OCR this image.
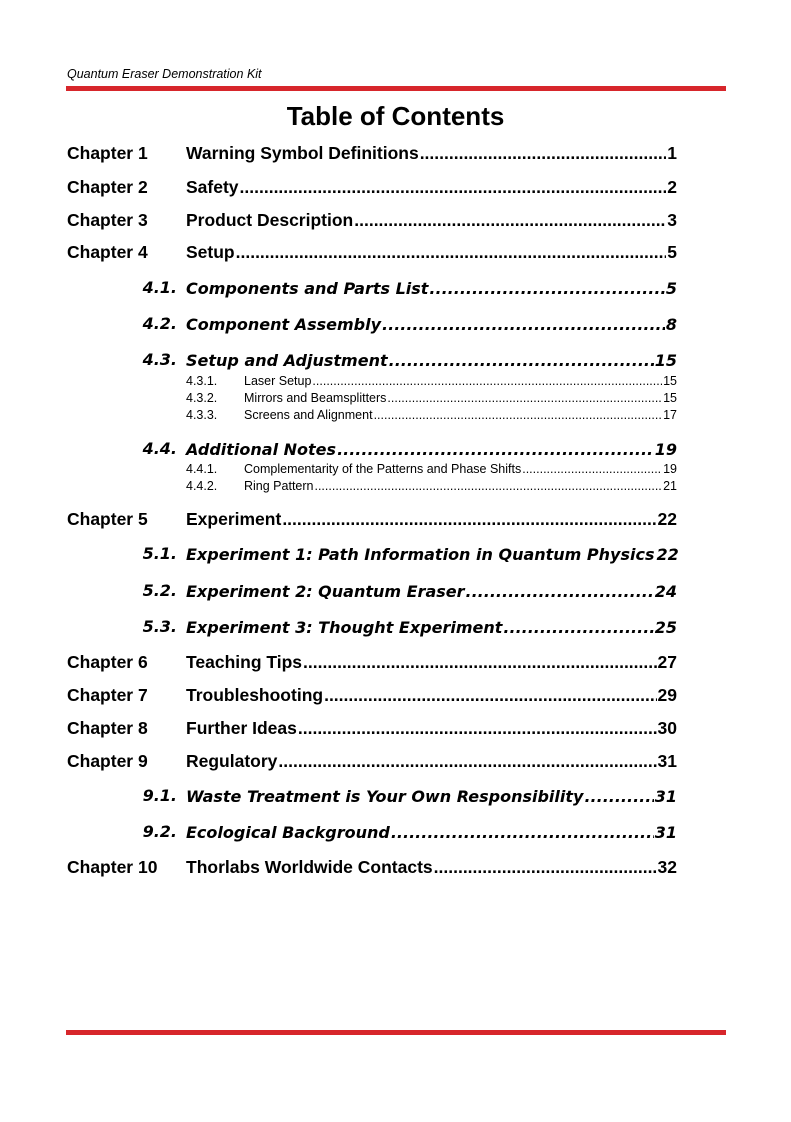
Quantum Eraser Demonstration Kit
Table of Contents
Chapter 1	Warning Symbol Definitions .....	1
Chapter 2	Safety .....	2
Chapter 3	Product Description .....	3
Chapter 4	Setup .....	5
4.1. Components and Parts List .....	5
4.2. Component Assembly .....	8
4.3. Setup and Adjustment .....	15
4.3.1.	Laser Setup .....	15
4.3.2.	Mirrors and Beamsplitters .....	15
4.3.3.	Screens and Alignment .....	17
4.4. Additional Notes .....	19
4.4.1.	Complementarity of the Patterns and Phase Shifts .....	19
4.4.2.	Ring Pattern .....	21
Chapter 5	Experiment .....	22
5.1. Experiment 1: Path Information in Quantum Physics 22
5.2. Experiment 2: Quantum Eraser .....	24
5.3. Experiment 3: Thought Experiment .....	25
Chapter 6	Teaching Tips .....	27
Chapter 7	Troubleshooting .....	29
Chapter 8	Further Ideas .....	30
Chapter 9	Regulatory .....	31
9.1. Waste Treatment is Your Own Responsibility .....	31
9.2. Ecological Background .....	31
Chapter 10	Thorlabs Worldwide Contacts .....	32
